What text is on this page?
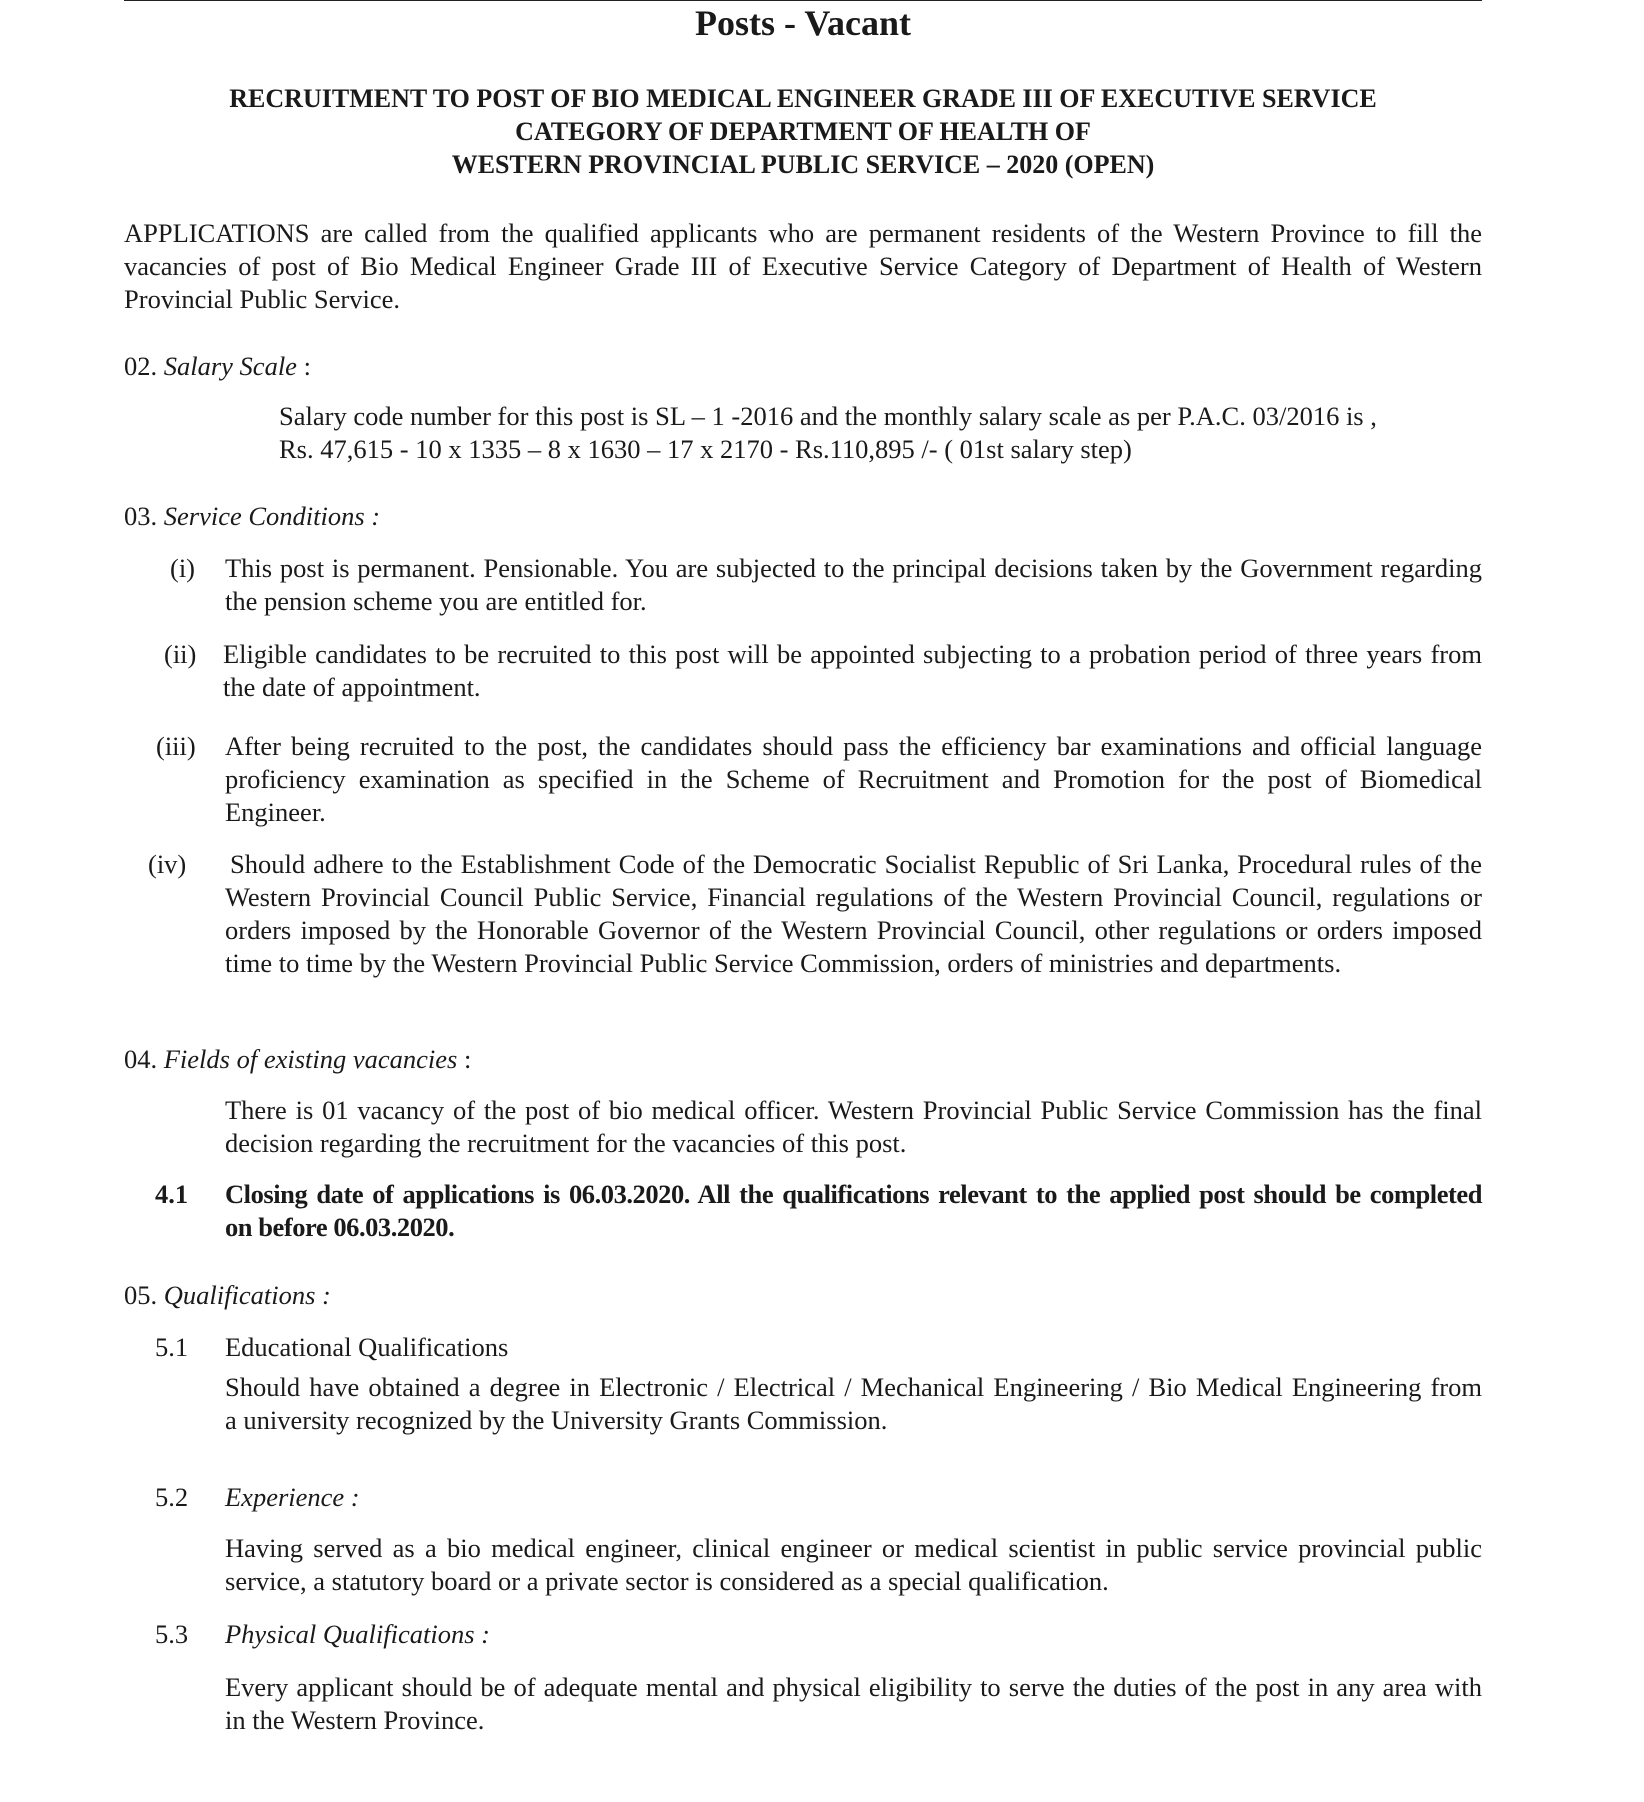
Posts - Vacant
RECRUITMENT TO POST OF BIO MEDICAL ENGINEER GRADE III OF EXECUTIVE SERVICE
CATEGORY OF DEPARTMENT OF HEALTH OF
WESTERN PROVINCIAL PUBLIC SERVICE – 2020 (OPEN)
APPLICATIONS are called from the qualified applicants who are permanent residents of the Western Province to fill the
vacancies of post of Bio Medical Engineer Grade III of Executive Service Category of Department of Health of Western
Provincial Public Service.
02. Salary Scale :
Salary code number for this post is SL – 1 -2016 and the monthly salary scale as per P.A.C. 03/2016 is ,
Rs. 47,615 - 10 x 1335 – 8 x 1630 – 17 x 2170 - Rs.110,895 /- ( 01st salary step)
03. Service Conditions :
(i) This post is permanent. Pensionable. You are subjected to the principal decisions taken by the Government regarding
the pension scheme you are entitled for.
(ii) Eligible candidates to be recruited to this post will be appointed subjecting to a probation period of three years from
the date of appointment.
(iii) After being recruited to the post, the candidates should pass the efficiency bar examinations and official language
proficiency examination as specified in the Scheme of Recruitment and Promotion for the post of Biomedical
Engineer.
(iv) Should adhere to the Establishment Code of the Democratic Socialist Republic of Sri Lanka, Procedural rules of the
Western Provincial Council Public Service, Financial regulations of the Western Provincial Council, regulations or
orders imposed by the Honorable Governor of the Western Provincial Council, other regulations or orders imposed
time to time by the Western Provincial Public Service Commission, orders of ministries and departments.
04. Fields of existing vacancies :
There is 01 vacancy of the post of bio medical officer. Western Provincial Public Service Commission has the final
decision regarding the recruitment for the vacancies of this post.
4.1 Closing date of applications is 06.03.2020. All the qualifications relevant to the applied post should be completed
on before 06.03.2020.
05. Qualifications :
5.1 Educational Qualifications
Should have obtained a degree in Electronic / Electrical / Mechanical Engineering / Bio Medical Engineering from
a university recognized by the University Grants Commission.
5.2 Experience :
Having served as a bio medical engineer, clinical engineer or medical scientist in public service provincial public
service, a statutory board or a private sector is considered as a special qualification.
5.3 Physical Qualifications :
Every applicant should be of adequate mental and physical eligibility to serve the duties of the post in any area with
in the Western Province.
